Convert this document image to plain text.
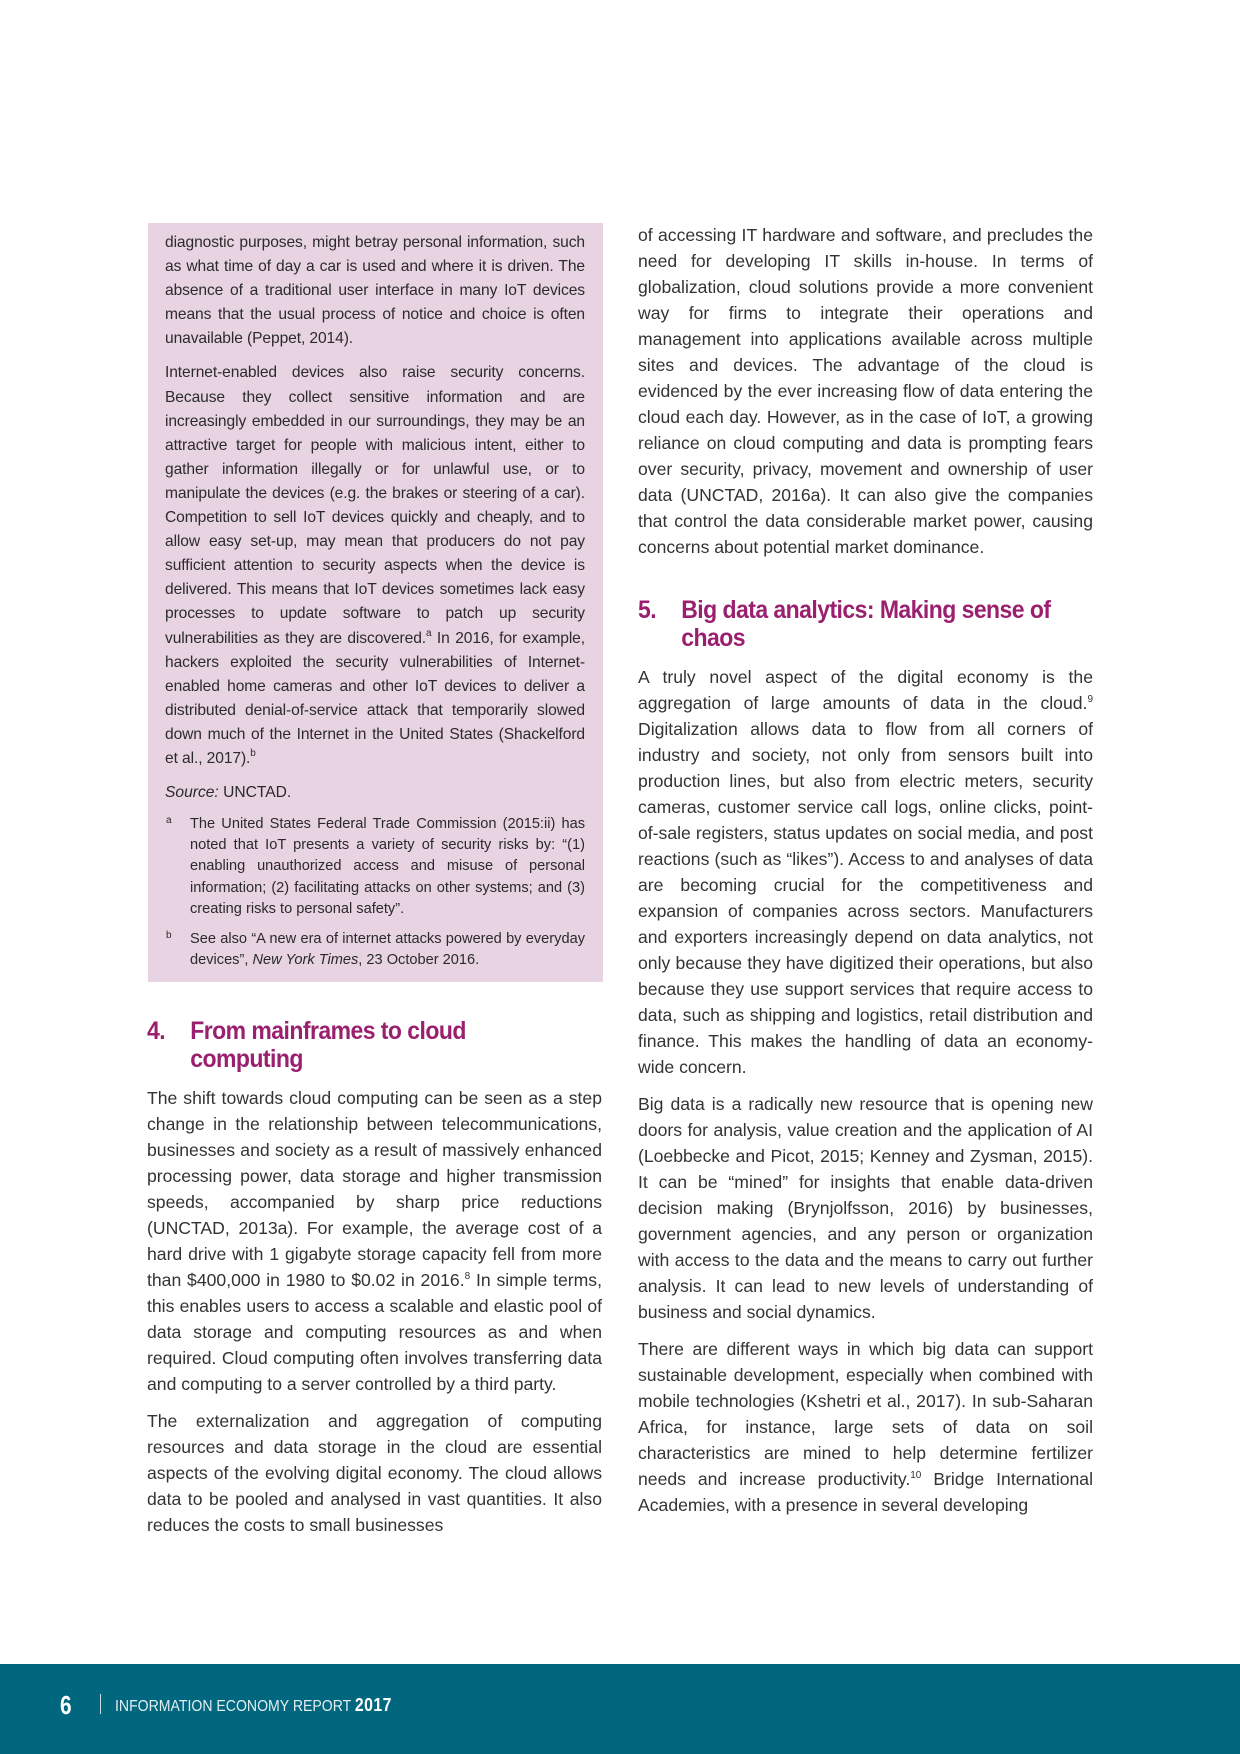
diagnostic purposes, might betray personal information, such as what time of day a car is used and where it is driven. The absence of a traditional user interface in many IoT devices means that the usual process of notice and choice is often unavailable (Peppet, 2014).

Internet-enabled devices also raise security concerns. Because they collect sensitive information and are increasingly embedded in our surroundings, they may be an attractive target for people with malicious intent, either to gather information illegally or for unlawful use, or to manipulate the devices (e.g. the brakes or steering of a car). Competition to sell IoT devices quickly and cheaply, and to allow easy set-up, may mean that producers do not pay sufficient attention to security aspects when the device is delivered. This means that IoT devices sometimes lack easy processes to update software to patch up security vulnerabilities as they are discovered.$^a$ In 2016, for example, hackers exploited the security vulnerabilities of Internet-enabled home cameras and other IoT devices to deliver a distributed denial-of-service attack that temporarily slowed down much of the Internet in the United States (Shackelford et al., 2017).$^b$

Source: UNCTAD.
a	The United States Federal Trade Commission (2015:ii) has noted that IoT presents a variety of security risks by: “(1) enabling unauthorized access and misuse of personal information; (2) facilitating attacks on other systems; and (3) creating risks to personal safety”.
b	See also “A new era of internet attacks powered by everyday devices”, New York Times, 23 October 2016.
4.	From mainframes to cloud computing

The shift towards cloud computing can be seen as a step change in the relationship between telecommunications, businesses and society as a result of massively enhanced processing power, data storage and higher transmission speeds, accompanied by sharp price reductions (UNCTAD, 2013a). For example, the average cost of a hard drive with 1 gigabyte storage capacity fell from more than $400,000 in 1980 to $0.02 in 2016.$^8$ In simple terms, this enables users to access a scalable and elastic pool of data storage and computing resources as and when required. Cloud computing often involves transferring data and computing to a server controlled by a third party.

The externalization and aggregation of computing resources and data storage in the cloud are essential aspects of the evolving digital economy. The cloud allows data to be pooled and analysed in vast quantities. It also reduces the costs to small businesses

of accessing IT hardware and software, and precludes the need for developing IT skills in-house. In terms of globalization, cloud solutions provide a more convenient way for firms to integrate their operations and management into applications available across multiple sites and devices. The advantage of the cloud is evidenced by the ever increasing flow of data entering the cloud each day. However, as in the case of IoT, a growing reliance on cloud computing and data is prompting fears over security, privacy, movement and ownership of user data (UNCTAD, 2016a). It can also give the companies that control the data considerable market power, causing concerns about potential market dominance.

5.	Big data analytics: Making sense of chaos

A truly novel aspect of the digital economy is the aggregation of large amounts of data in the cloud.$^9$ Digitalization allows data to flow from all corners of industry and society, not only from sensors built into production lines, but also from electric meters, security cameras, customer service call logs, online clicks, point-of-sale registers, status updates on social media, and post reactions (such as “likes”). Access to and analyses of data are becoming crucial for the competitiveness and expansion of companies across sectors. Manufacturers and exporters increasingly depend on data analytics, not only because they have digitized their operations, but also because they use support services that require access to data, such as shipping and logistics, retail distribution and finance. This makes the handling of data an economy-wide concern.

Big data is a radically new resource that is opening new doors for analysis, value creation and the application of AI (Loebbecke and Picot, 2015; Kenney and Zysman, 2015). It can be “mined” for insights that enable data-driven decision making (Brynjolfsson, 2016) by businesses, government agencies, and any person or organization with access to the data and the means to carry out further analysis. It can lead to new levels of understanding of business and social dynamics.

There are different ways in which big data can support sustainable development, especially when combined with mobile technologies (Kshetri et al., 2017). In sub-Saharan Africa, for instance, large sets of data on soil characteristics are mined to help determine fertilizer needs and increase productivity.$^{10}$ Bridge International Academies, with a presence in several developing

6	INFORMATION ECONOMY REPORT 2017
